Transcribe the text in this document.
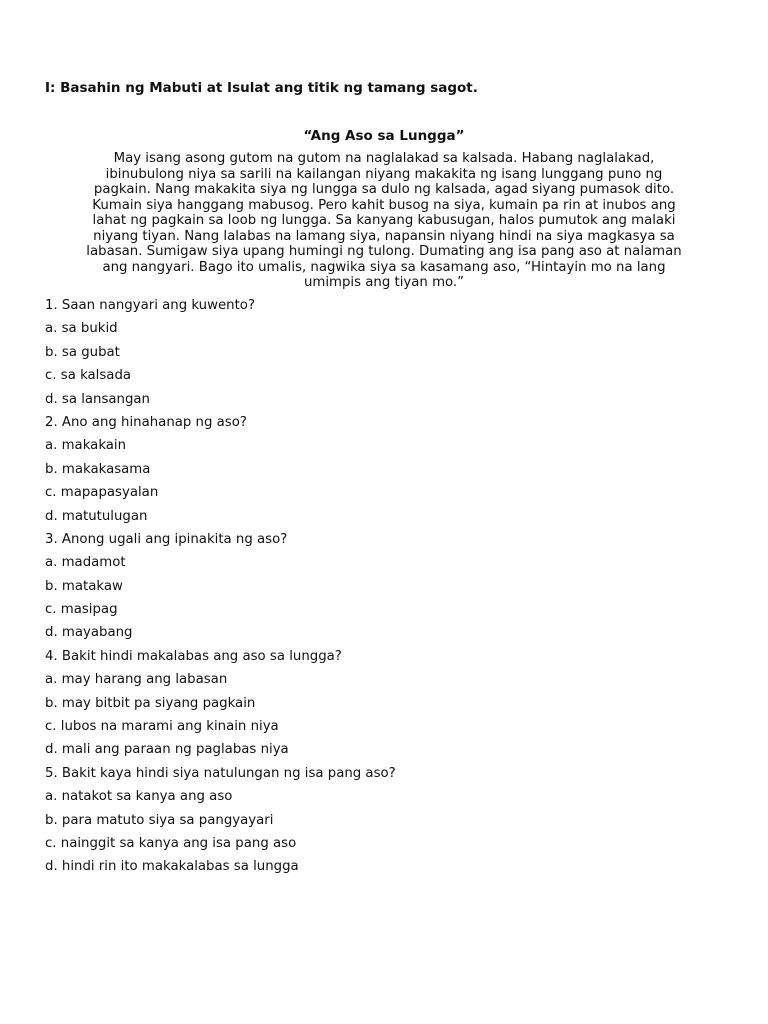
I: Basahin ng Mabuti at Isulat ang titik ng tamang sagot.

“Ang Aso sa Lungga”

May isang asong gutom na gutom na naglalakad sa kalsada. Habang naglalakad,
ibinubulong niya sa sarili na kailangan niyang makakita ng isang lunggang puno ng
pagkain. Nang makakita siya ng lungga sa dulo ng kalsada, agad siyang pumasok dito.
Kumain siya hanggang mabusog. Pero kahit busog na siya, kumain pa rin at inubos ang
lahat ng pagkain sa loob ng lungga. Sa kanyang kabusugan, halos pumutok ang malaki
niyang tiyan. Nang lalabas na lamang siya, napansin niyang hindi na siya magkasya sa
labasan. Sumigaw siya upang humingi ng tulong. Dumating ang isa pang aso at nalaman
ang nangyari. Bago ito umalis, nagwika siya sa kasamang aso, “Hintayin mo na lang
umimpis ang tiyan mo.”

1. Saan nangyari ang kuwento?
a. sa bukid
b. sa gubat
c. sa kalsada
d. sa lansangan
2. Ano ang hinahanap ng aso?
a. makakain
b. makakasama
c. mapapasyalan
d. matutulugan
3. Anong ugali ang ipinakita ng aso?
a. madamot
b. matakaw
c. masipag
d. mayabang
4. Bakit hindi makalabas ang aso sa lungga?
a. may harang ang labasan
b. may bitbit pa siyang pagkain
c. lubos na marami ang kinain niya
d. mali ang paraan ng paglabas niya
5. Bakit kaya hindi siya natulungan ng isa pang aso?
a. natakot sa kanya ang aso
b. para matuto siya sa pangyayari
c. nainggit sa kanya ang isa pang aso
d. hindi rin ito makakalabas sa lungga
